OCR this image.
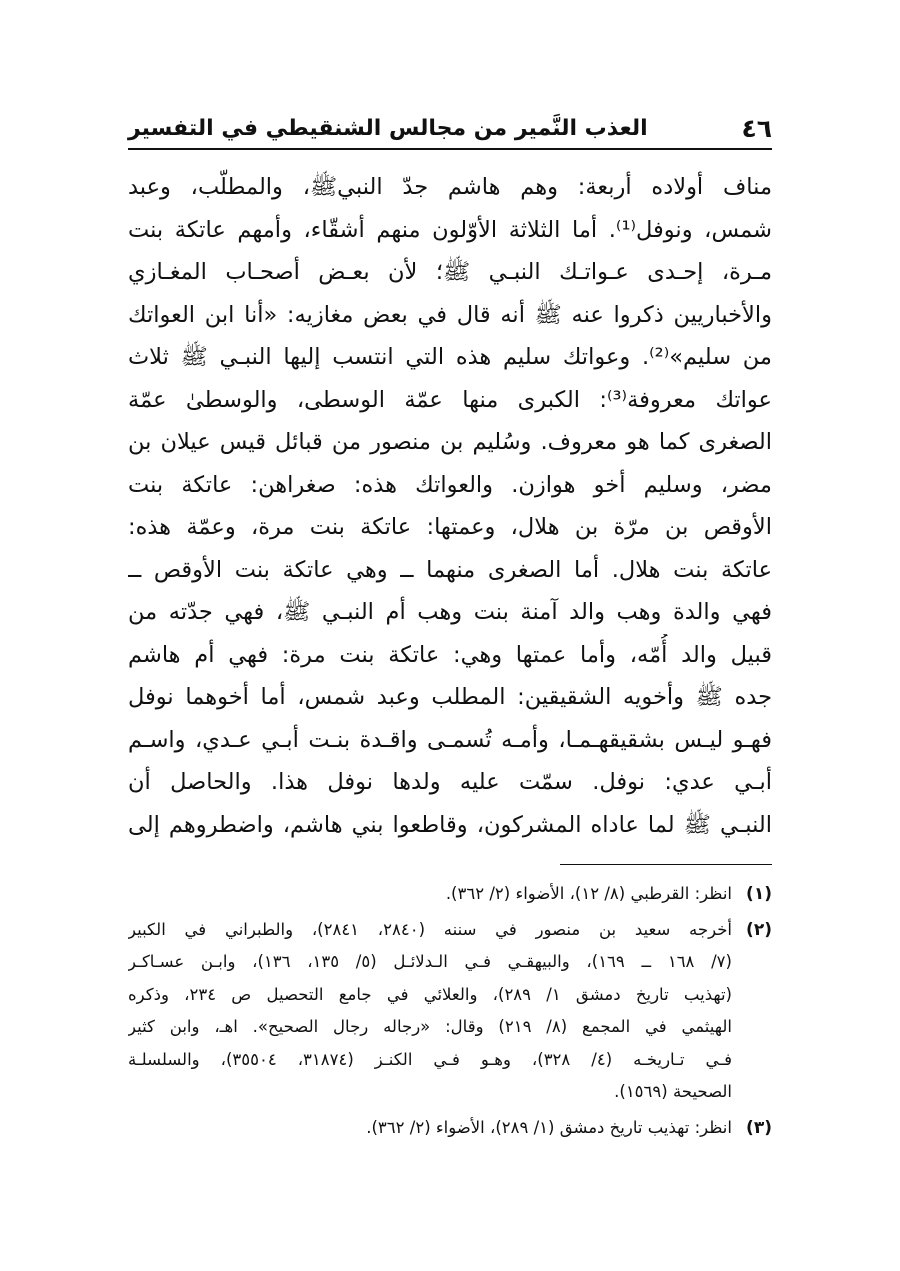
٤٦
العذب النَّمير من مجالس الشنقيطي في التفسير
مناف أولاده أربعة: وهم هاشم جدّ النبيﷺ، والمطلّب، وعبد
شمس، ونوفل⁽¹⁾. أما الثلاثة الأوّلون منهم أشقّاء، وأمهم عاتكة بنت
مـرة، إحـدى عـواتـك النبـي ﷺ؛ لأن بعـض أصحـاب المغـازي
والأخباريين ذكروا عنه ﷺ أنه قال في بعض مغازيه: «أنا ابن العواتك
من سليم»⁽²⁾. وعواتك سليم هذه التي انتسب إليها النبـي ﷺ ثلاث
عواتك معروفة⁽³⁾: الكبرى منها عمّة الوسطى، والوسطىٰ عمّة
الصغرى كما هو معروف. وسُليم بن منصور من قبائل قيس عيلان بن
مضر، وسليم أخو هوازن. والعواتك هذه: صغراهن: عاتكة بنت
الأوقص بن مرّة بن هلال، وعمتها: عاتكة بنت مرة، وعمّة هذه:
عاتكة بنت هلال. أما الصغرى منهما ــ وهي عاتكة بنت الأوقص ــ
فهي والدة وهب والد آمنة بنت وهب أم النبـي ﷺ، فهي جدّته من
قبيل والد أُمّه، وأما عمتها وهي: عاتكة بنت مرة: فهي أم هاشم
جده ﷺ وأخويه الشقيقين: المطلب وعبد شمس، أما أخوهما نوفل
فهـو ليـس بشقيقهـمـا، وأمـه تُسمـى واقـدة بنـت أبـي عـدي، واسـم
أبـي عدي: نوفل. سمّت عليه ولدها نوفل هذا. والحاصل أن
النبـي ﷺ لما عاداه المشركون، وقاطعوا بني هاشم، واضطروهم إلى
(١)
انظر: القرطبي (٨/ ١٢)، الأضواء (٢/ ٣٦٢).
(٢)
أخرجه سعيد بن منصور في سننه (٢٨٤٠، ٢٨٤١)، والطبراني في الكبير
(٧/ ١٦٨ ــ ١٦٩)، والبيهقـي فـي الـدلائـل (٥/ ١٣٥، ١٣٦)، وابـن عسـاكـر
(تهذيب تاريخ دمشق ١/ ٢٨٩)، والعلائي في جامع التحصيل ص ٢٣٤، وذكره
الهيثمي في المجمع (٨/ ٢١٩) وقال: «رجاله رجال الصحيح». اهـ، وابن كثير
فـي تـاريخـه (٤/ ٣٢٨)، وهـو فـي الكنـز (٣١٨٧٤، ٣٥٥٠٤)، والسلسلـة
الصحيحة (١٥٦٩).
(٣)
انظر: تهذيب تاريخ دمشق (١/ ٢٨٩)، الأضواء (٢/ ٣٦٢).
